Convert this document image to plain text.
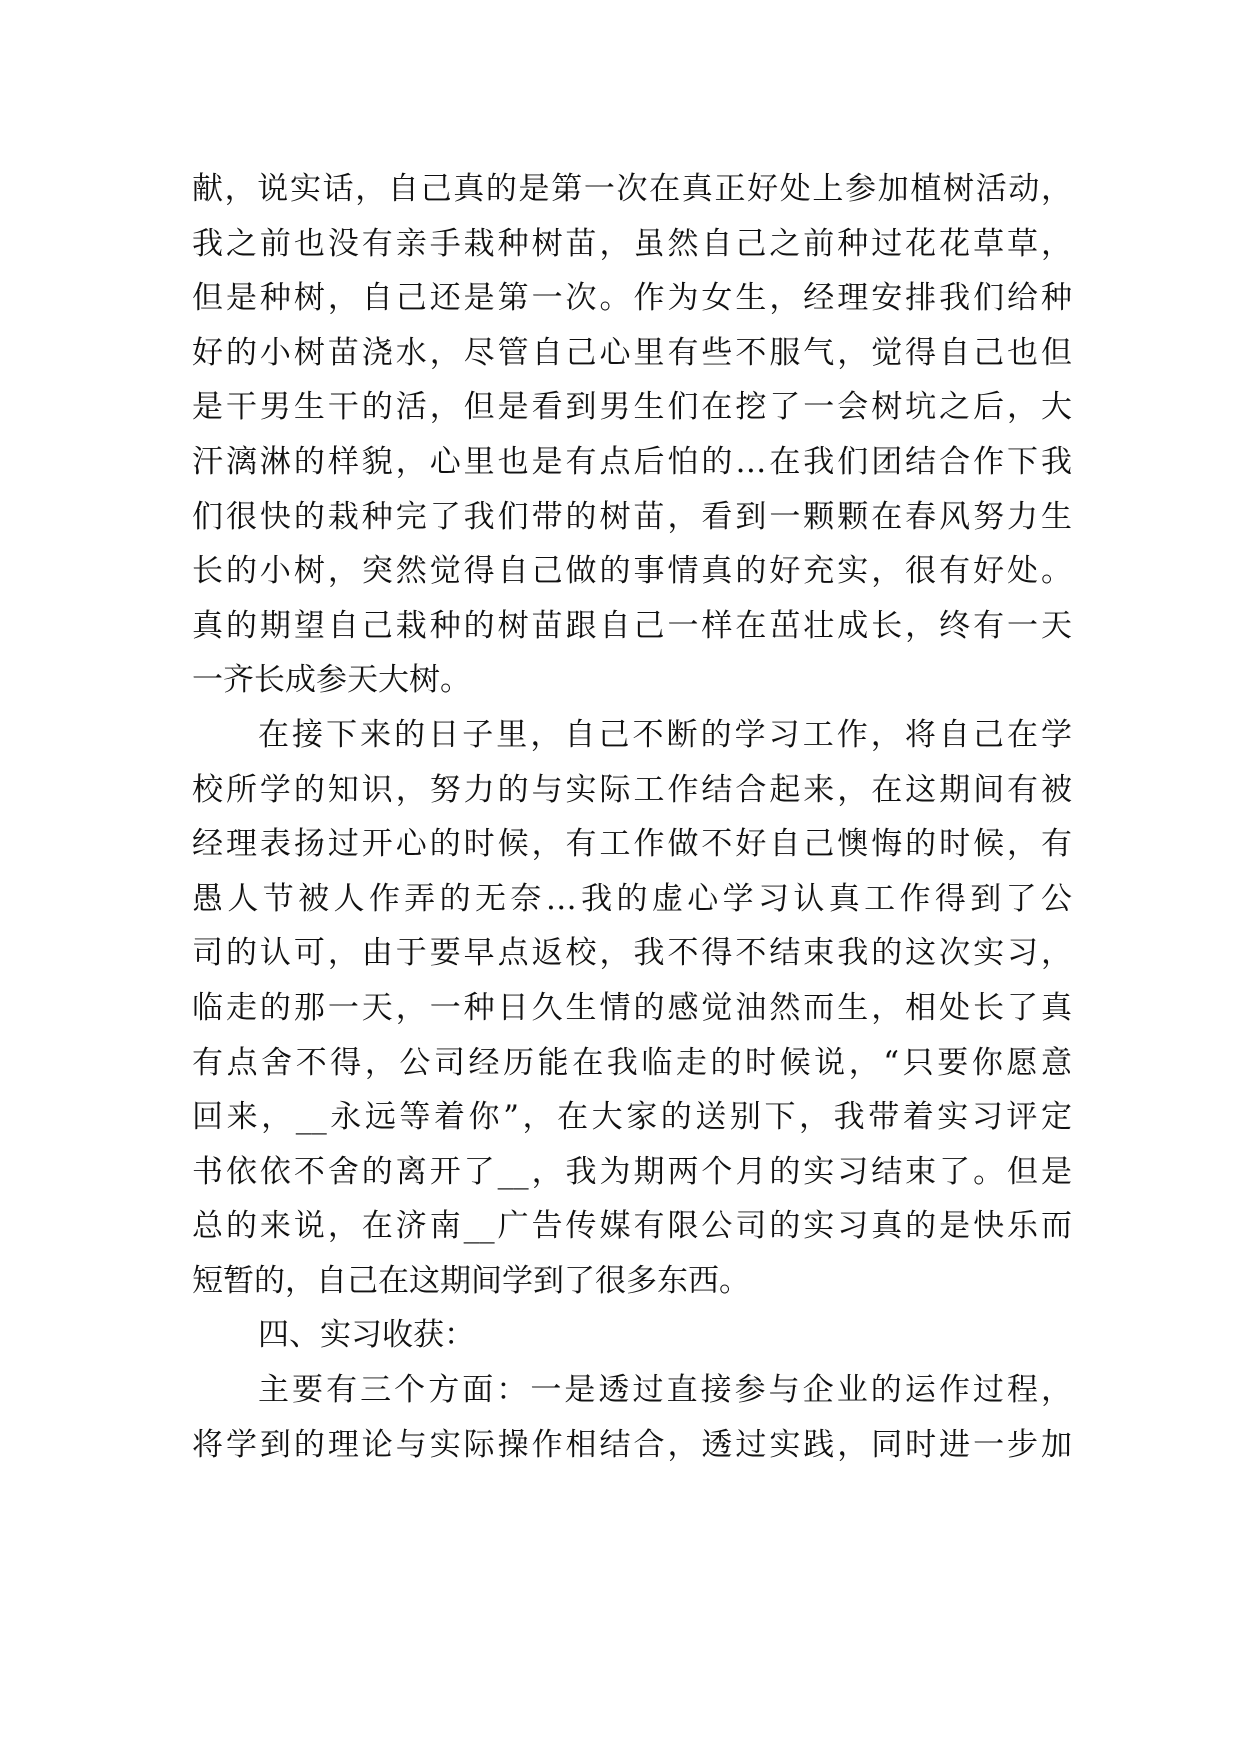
献，说实话，自己真的是第一次在真正好处上参加植树活动，
我之前也没有亲手栽种树苗，虽然自己之前种过花花草草，
但是种树，自己还是第一次。作为女生，经理安排我们给种
好的小树苗浇水，尽管自己心里有些不服气，觉得自己也但
是干男生干的活，但是看到男生们在挖了一会树坑之后，大
汗漓淋的样貌，心里也是有点后怕的…在我们团结合作下我
们很快的栽种完了我们带的树苗，看到一颗颗在春风努力生
长的小树，突然觉得自己做的事情真的好充实，很有好处。
真的期望自己栽种的树苗跟自己一样在茁壮成长，终有一天
一齐长成参天大树。
在接下来的日子里，自己不断的学习工作，将自己在学
校所学的知识，努力的与实际工作结合起来，在这期间有被
经理表扬过开心的时候，有工作做不好自己懊悔的时候，有
愚人节被人作弄的无奈…我的虚心学习认真工作得到了公
司的认可，由于要早点返校，我不得不结束我的这次实习，
临走的那一天，一种日久生情的感觉油然而生，相处长了真
有点舍不得，公司经历能在我临走的时候说，“只要你愿意
回来，__永远等着你”，在大家的送别下，我带着实习评定
书依依不舍的离开了__，我为期两个月的实习结束了。但是
总的来说，在济南__广告传媒有限公司的实习真的是快乐而
短暂的，自己在这期间学到了很多东西。
四、实习收获：
主要有三个方面：一是透过直接参与企业的运作过程，
将学到的理论与实际操作相结合，透过实践，同时进一步加
